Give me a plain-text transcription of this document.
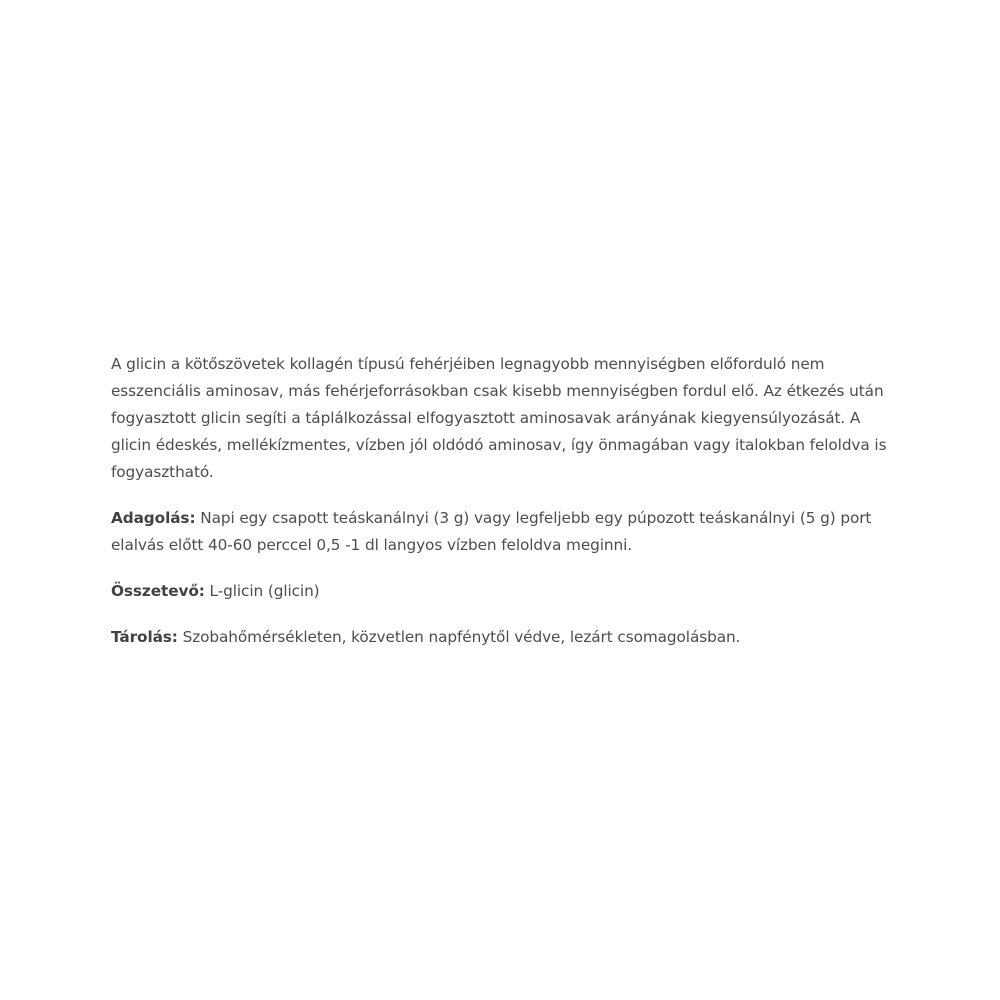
A glicin a kötőszövetek kollagén típusú fehérjéiben legnagyobb mennyiségben előforduló nem esszenciális aminosav, más fehérjeforrásokban csak kisebb mennyiségben fordul elő. Az étkezés után fogyasztott glicin segíti a táplálkozással elfogyasztott aminosavak arányának kiegyensúlyozását. A glicin édeskés, mellékízmentes, vízben jól oldódó aminosav, így önmagában vagy italokban feloldva is fogyasztható.

Adagolás: Napi egy csapott teáskanálnyi (3 g) vagy legfeljebb egy púpozott teáskanálnyi (5 g) port elalvás előtt 40-60 perccel 0,5 -1 dl langyos vízben feloldva meginni.

Összetevő: L-glicin (glicin)

Tárolás: Szobahőmérsékleten, közvetlen napfénytől védve, lezárt csomagolásban.
